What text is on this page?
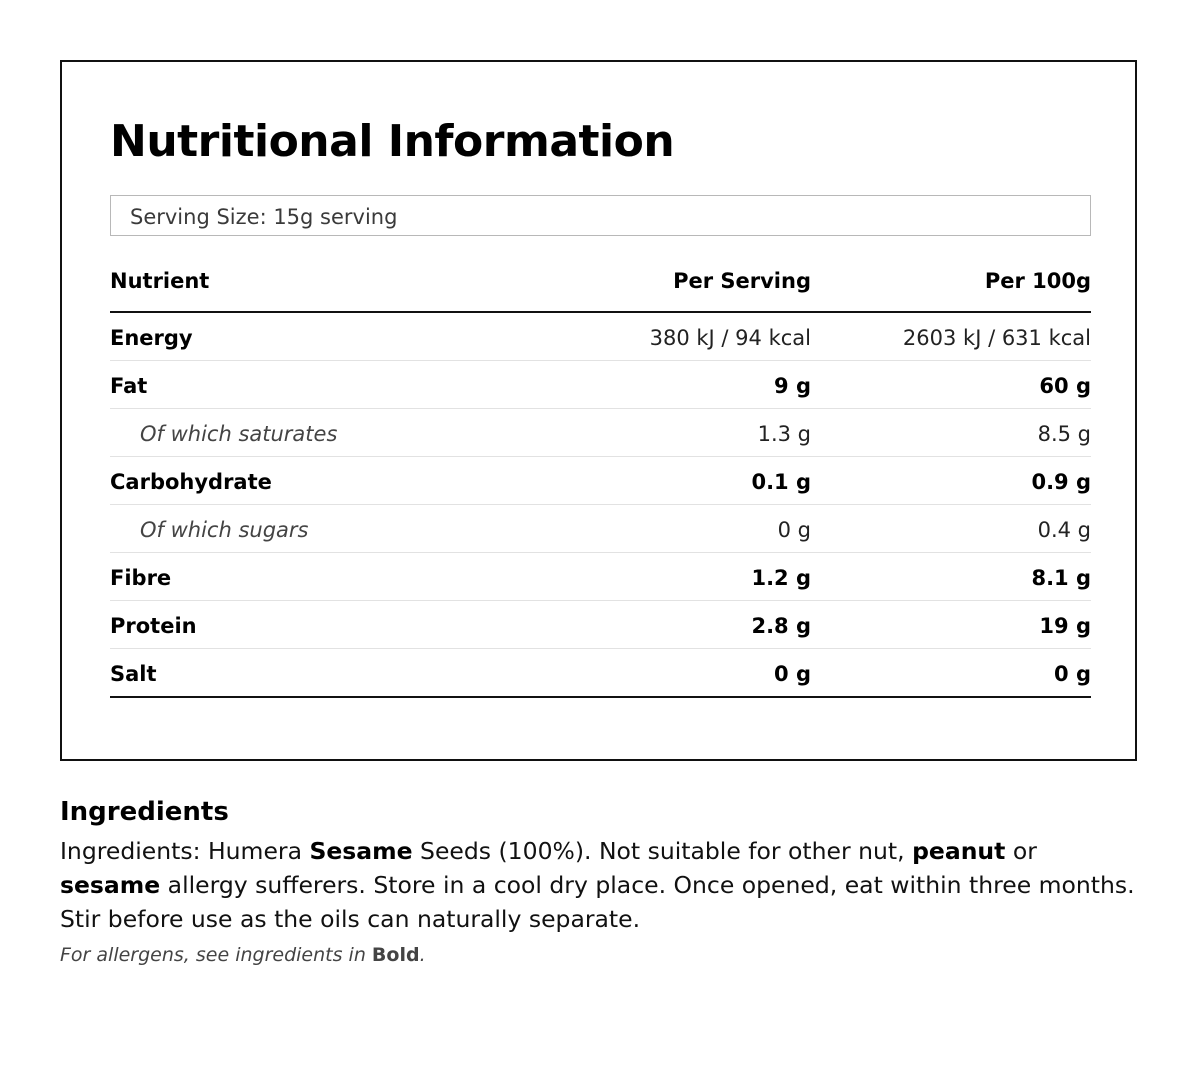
Nutritional Information
Serving Size: 15g serving
Nutrient	Per Serving	Per 100g
Energy	380 kJ / 94 kcal	2603 kJ / 631 kcal
Fat	9 g	60 g
Of which saturates	1.3 g	8.5 g
Carbohydrate	0.1 g	0.9 g
Of which sugars	0 g	0.4 g
Fibre	1.2 g	8.1 g
Protein	2.8 g	19 g
Salt	0 g	0 g
Ingredients

Ingredients: Humera Sesame Seeds (100%). Not suitable for other nut, peanut or sesame allergy sufferers. Store in a cool dry place. Once opened, eat within three months. Stir before use as the oils can naturally separate.

For allergens, see ingredients in Bold.
